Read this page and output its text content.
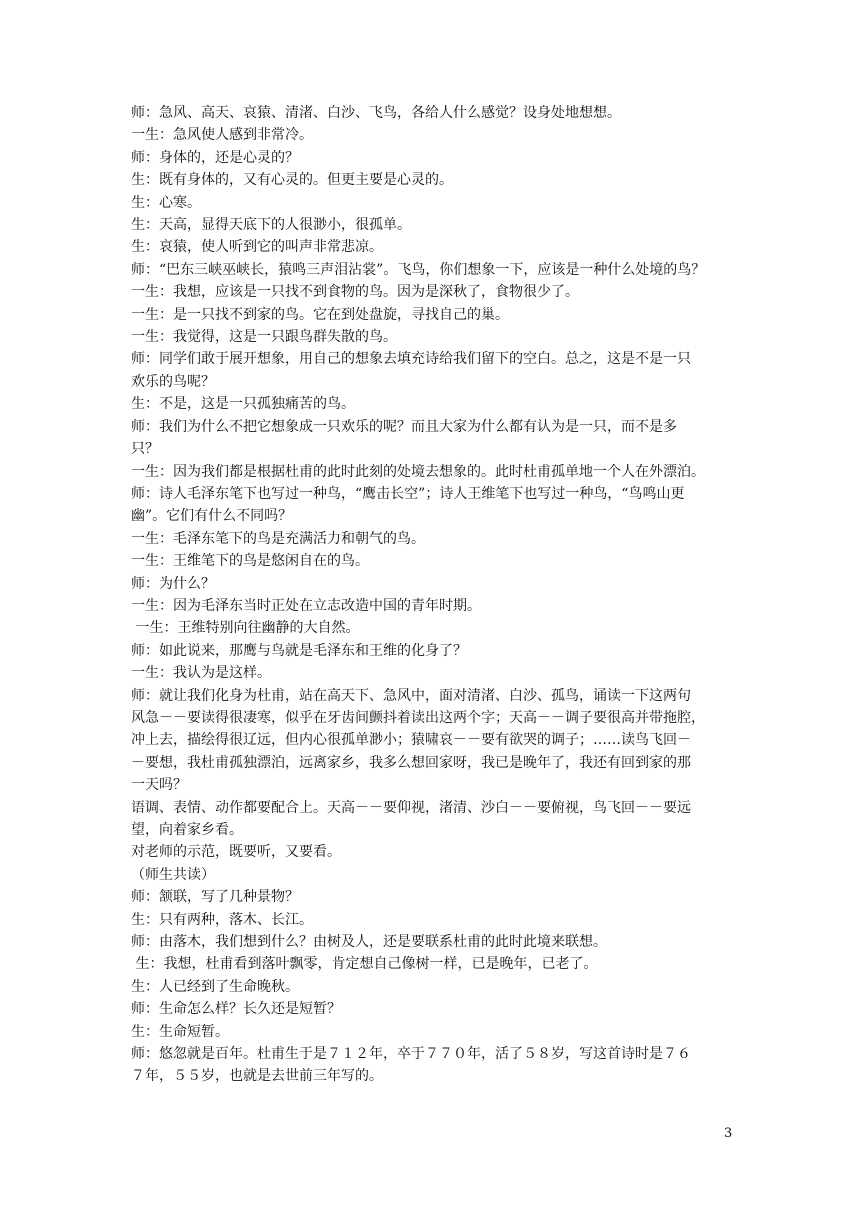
师：急风、高天、哀猿、清渚、白沙、飞鸟，各给人什么感觉？设身处地想想。

一生：急风使人感到非常冷。

师：身体的，还是心灵的？

生：既有身体的，又有心灵的。但更主要是心灵的。

生：心寒。

生：天高，显得天底下的人很渺小，很孤单。

生：哀猿，使人听到它的叫声非常悲凉。

师：“巴东三峡巫峡长，猿鸣三声泪沾裳”。飞鸟，你们想象一下，应该是一种什么处境的鸟？

一生：我想，应该是一只找不到食物的鸟。因为是深秋了，食物很少了。

一生：是一只找不到家的鸟。它在到处盘旋，寻找自己的巢。

一生：我觉得，这是一只跟鸟群失散的鸟。

师：同学们敢于展开想象，用自己的想象去填充诗给我们留下的空白。总之，这是不是一只

欢乐的鸟呢？

生：不是，这是一只孤独痛苦的鸟。

师：我们为什么不把它想象成一只欢乐的呢？而且大家为什么都有认为是一只，而不是多

只？

一生：因为我们都是根据杜甫的此时此刻的处境去想象的。此时杜甫孤单地一个人在外漂泊。

师：诗人毛泽东笔下也写过一种鸟，“鹰击长空”；诗人王维笔下也写过一种鸟，“鸟鸣山更

幽”。它们有什么不同吗？

一生：毛泽东笔下的鸟是充满活力和朝气的鸟。

一生：王维笔下的鸟是悠闲自在的鸟。

师：为什么？

一生：因为毛泽东当时正处在立志改造中国的青年时期。

一生：王维特别向往幽静的大自然。

师：如此说来，那鹰与鸟就是毛泽东和王维的化身了？

一生：我认为是这样。

师：就让我们化身为杜甫，站在高天下、急风中，面对清渚、白沙、孤鸟，诵读一下这两句

风急－－要读得很凄寒，似乎在牙齿间颤抖着读出这两个字；天高－－调子要很高并带拖腔，

冲上去，描绘得很辽远，但内心很孤单渺小；猿啸哀－－要有欲哭的调子；……读鸟飞回－

－要想，我杜甫孤独漂泊，远离家乡，我多么想回家呀，我已是晚年了，我还有回到家的那

一天吗？

语调、表情、动作都要配合上。天高－－要仰视，渚清、沙白－－要俯视，鸟飞回－－要远

望，向着家乡看。

对老师的示范，既要听，又要看。

（师生共读）

师：颔联，写了几种景物？

生：只有两种，落木、长江。

师：由落木，我们想到什么？由树及人，还是要联系杜甫的此时此境来联想。

生：我想，杜甫看到落叶飘零，肯定想自己像树一样，已是晚年，已老了。

生：人已经到了生命晚秋。

师：生命怎么样？长久还是短暂？

生：生命短暂。

师：悠忽就是百年。杜甫生于是７１２年，卒于７７０年，活了５８岁，写这首诗时是７６

７年，５５岁，也就是去世前三年写的。

3
